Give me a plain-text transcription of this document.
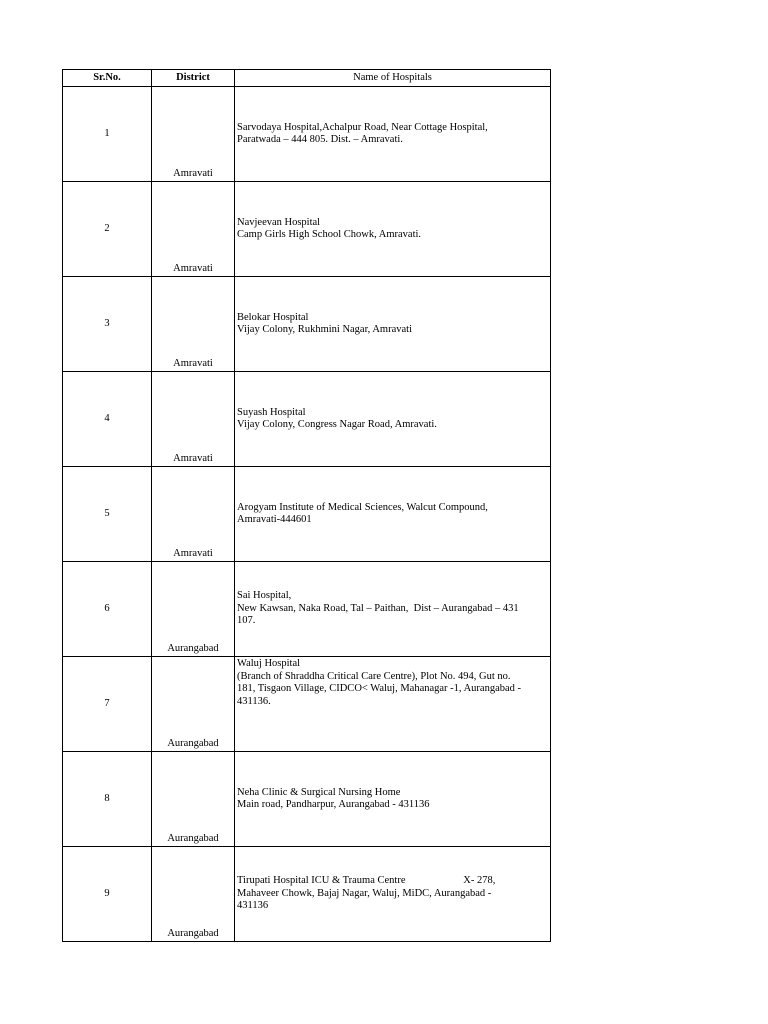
Sr.No.	District	Name of Hospitals
1	Amravati	Sarvodaya Hospital,Achalpur Road, Near Cottage Hospital,
Paratwada – 444 805. Dist. – Amravati.

2	Amravati	Navjeevan Hospital
Camp Girls High School Chowk, Amravati.

3	Amravati	Belokar Hospital
Vijay Colony, Rukhmini Nagar, Amravati

4	Amravati	Suyash Hospital
Vijay Colony, Congress Nagar Road, Amravati.

5	Amravati	Arogyam Institute of Medical Sciences, Walcut Compound,
Amravati-444601

6	Aurangabad	Sai Hospital,
New Kawsan, Naka Road, Tal – Paithan,  Dist – Aurangabad – 431
107.

7	Aurangabad	Waluj Hospital
(Branch of Shraddha Critical Care Centre), Plot No. 494, Gut no.
181, Tisgaon Village, CIDCO< Waluj, Mahanagar -1, Aurangabad -
431136.

8	Aurangabad	Neha Clinic & Surgical Nursing Home
Main road, Pandharpur, Aurangabad - 431136

9	Aurangabad	Tirupati Hospital ICU & Trauma Centre                      X- 278,
Mahaveer Chowk, Bajaj Nagar, Waluj, MiDC, Aurangabad -
431136
